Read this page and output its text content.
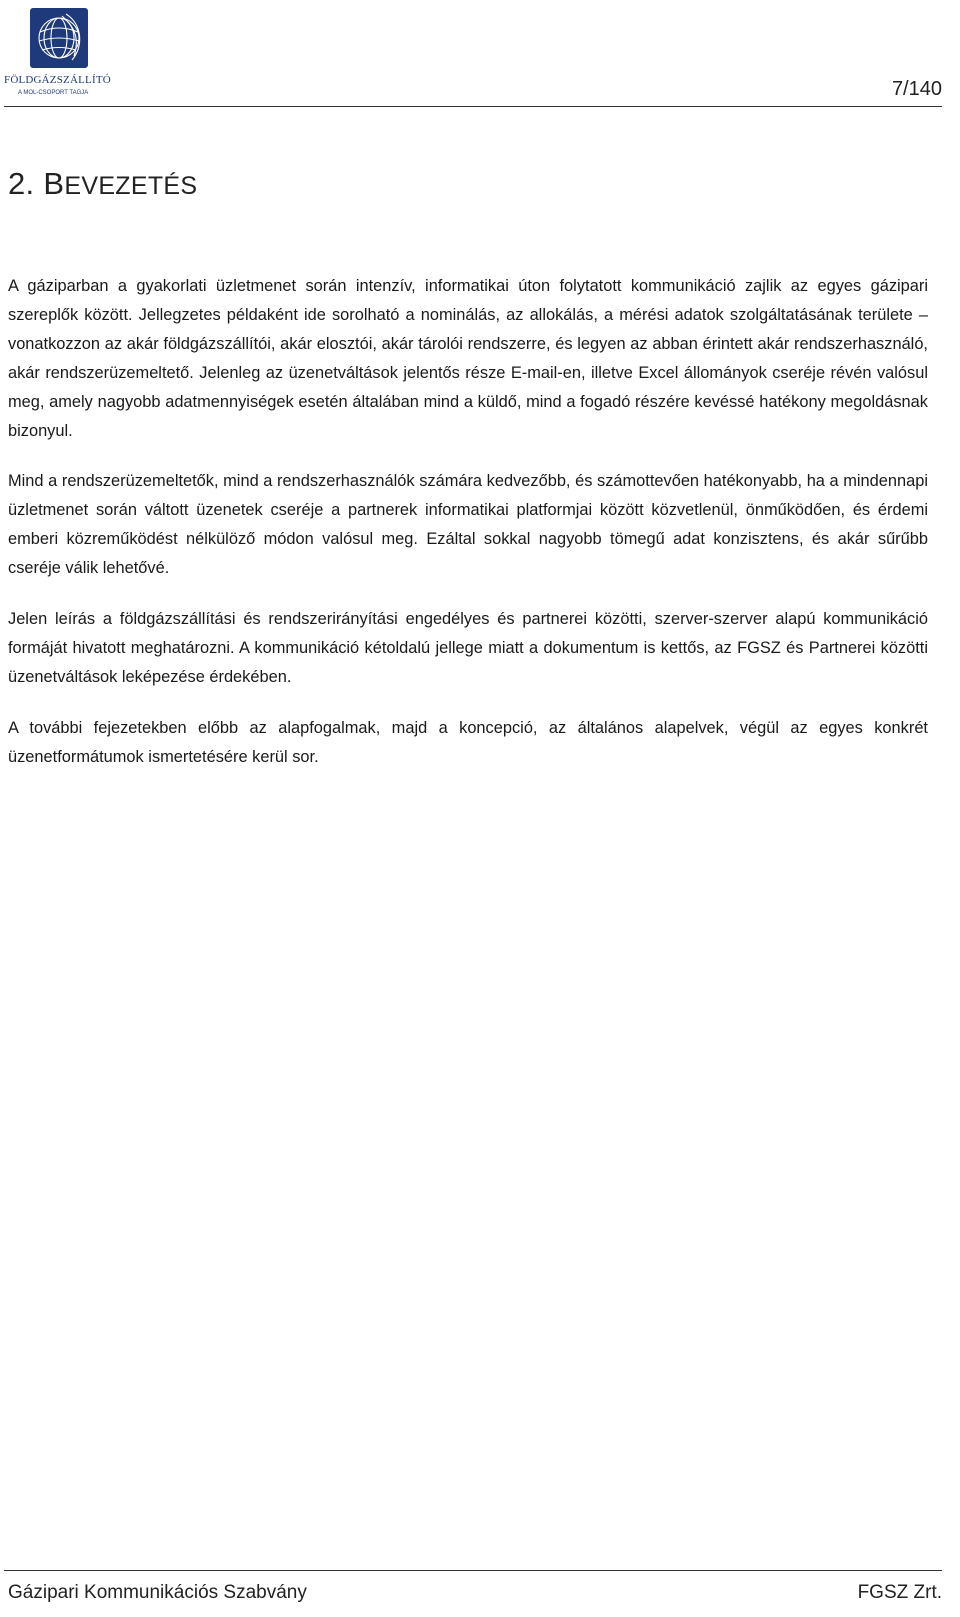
FÖLDGÁZSZÁLLÍTÓ
A MOL-CSOPORT TAGJA	7/140
2. BEVEZETÉS

A gáziparban a gyakorlati üzletmenet során intenzív, informatikai úton folytatott kommunikáció zajlik az egyes gázipari szereplők között. Jellegzetes példaként ide sorolható a nominálás, az allokálás, a mérési adatok szolgáltatásának területe – vonatkozzon az akár földgázszállítói, akár elosztói, akár tárolói rendszerre, és legyen az abban érintett akár rendszerhasználó, akár rendszerüzemeltető. Jelenleg az üzenetváltások jelentős része E-mail-en, illetve Excel állományok cseréje révén valósul meg, amely nagyobb adatmennyiségek esetén általában mind a küldő, mind a fogadó részére kevéssé hatékony megoldásnak bizonyul.

Mind a rendszerüzemeltetők, mind a rendszerhasználók számára kedvezőbb, és számottevően hatékonyabb, ha a mindennapi üzletmenet során váltott üzenetek cseréje a partnerek informatikai platformjai között közvetlenül, önműködően, és érdemi emberi közreműködést nélkülöző módon valósul meg. Ezáltal sokkal nagyobb tömegű adat konzisztens, és akár sűrűbb cseréje válik lehetővé.

Jelen leírás a földgázszállítási és rendszerirányítási engedélyes és partnerei közötti, szerver-szerver alapú kommunikáció formáját hivatott meghatározni. A kommunikáció kétoldalú jellege miatt a dokumentum is kettős, az FGSZ és Partnerei közötti üzenetváltások leképezése érdekében.

A további fejezetekben előbb az alapfogalmak, majd a koncepció, az általános alapelvek, végül az egyes konkrét üzenetformátumok ismertetésére kerül sor.

Gázipari Kommunikációs Szabvány	FGSZ Zrt.
